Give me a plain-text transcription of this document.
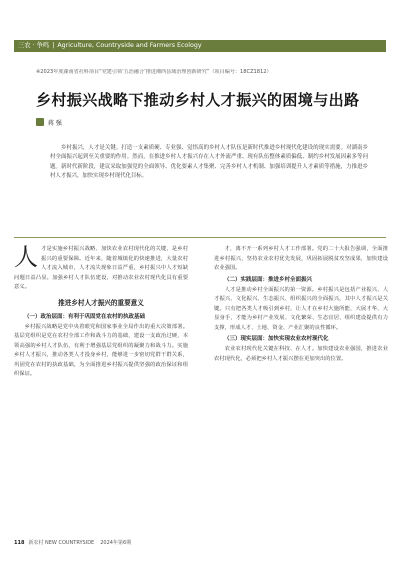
三农 · 争鸣 | Agriculture, Countryside and Farmers Ecology
※2023年度湖南省社科项目“党建引领‘五治融合’推进湘西县域治理创新研究”（项目编号：18CZ1812）
乡村振兴战略下推动乡村人才振兴的困境与出路
蒋 强

乡村振兴，人才是关键。打造一支素质硬、专业强、觉悟高的乡村人才队伍是新时代推进乡村现代化建设的现实需要。对湖南乡村全面振兴起到至关重要的作用。然而，在推进乡村人才振兴存在人才外流严重、现有队伍整体素质偏低、制约乡村发展因素多等问题。新时代新阶段，建议采取加强党的全面领导、优化要素人才集聚、完善乡村人才机制、加强培训提升人才素质等措施，力推进乡村人才振兴，加快实现乡村现代化目标。

人才是实施乡村振兴战略、加快农业农村现代化的关键，是乡村振兴的重要保障。近年来，随着城镇化的快速推进，大量农村人才流入城市，人才流失现象日益严重，乡村振兴中人才短缺问题日益凸显。加强乡村人才队伍建设，对推动农业农村现代化具有重要意义。

推进乡村人才振兴的重要意义
（一）政治层面：有利于巩固党在农村的执政基础

乡村振兴战略是党中央着眼党和国家事业全局作出的重大决策部署。基层党组织是党在农村全部工作和战斗力的基础，建设一支政治过硬、本领高强的乡村人才队伍，有利于增强基层党组织的凝聚力和战斗力。实施乡村人才振兴，推动各类人才投身乡村，能够进一步密切党群干群关系，巩固党在农村的执政基础，为全面推进乡村振兴提供坚强的政治保证和组织保证。

才，离不开一系列乡村人才工作部署。党的二十大报告强调，全面推进乡村振兴，坚持农业农村优先发展，巩固拓展脱贫攻坚成果，加快建设农业强国。

（二）实践层面：推进乡村全面振兴

人才是推动乡村全面振兴的第一资源。乡村振兴是包括产业振兴、人才振兴、文化振兴、生态振兴、组织振兴的全面振兴，其中人才振兴是关键。只有把各类人才吸引到乡村，让人才在乡村大施所能、大展才华、大显身手，才能为乡村产业发展、文化繁荣、生态宜居、组织建设提供有力支撑，形成人才、土地、资金、产业汇聚的良性循环。

（三）现实层面：加快实现农业农村现代化

农业农村现代化关键在科技、在人才。加快建设农业强国，推进农业农村现代化，必须把乡村人才振兴摆在更加突出的位置。

118 新农村 NEW COUNTRYSIDE 2024年第6期
